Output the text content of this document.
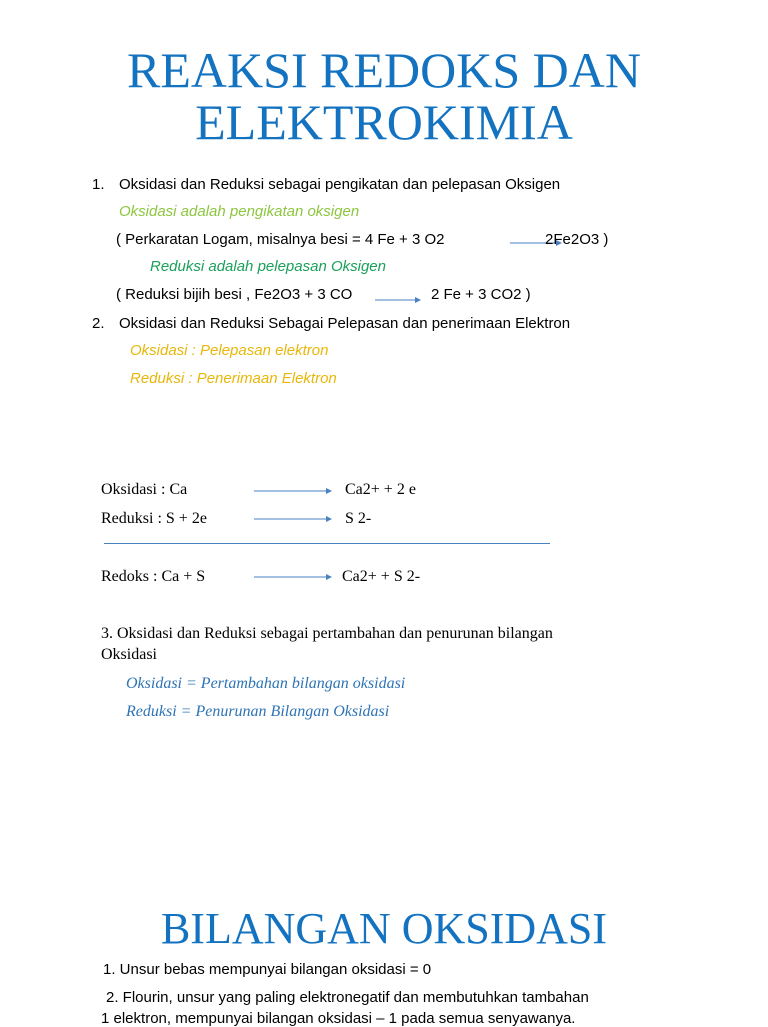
REAKSI REDOKS DAN
ELEKTROKIMIA
1. Oksidasi dan Reduksi sebagai pengikatan dan pelepasan Oksigen
Oksidasi adalah pengikatan oksigen
( Perkaratan Logam, misalnya besi = 4 Fe + 3 O2	2Fe2O3 )
Reduksi adalah pelepasan Oksigen
( Reduksi bijih besi , Fe2O3 + 3 CO → 2 Fe + 3 CO2 )
2. Oksidasi dan Reduksi Sebagai Pelepasan dan penerimaan Elektron
Oksidasi : Pelepasan elektron
Reduksi : Penerimaan Elektron
Oksidasi : Ca	Ca2+ + 2 e
Reduksi : S + 2e	S 2-
Redoks : Ca + S	Ca2+ + S 2-
3. Oksidasi dan Reduksi sebagai pertambahan dan penurunan bilangan
Oksidasi
Oksidasi = Pertambahan bilangan oksidasi
Reduksi = Penurunan Bilangan Oksidasi
BILANGAN OKSIDASI
1. Unsur bebas mempunyai bilangan oksidasi = 0
2. Flourin, unsur yang paling elektronegatif dan membutuhkan tambahan
1 elektron, mempunyai bilangan oksidasi – 1 pada semua senyawanya.
